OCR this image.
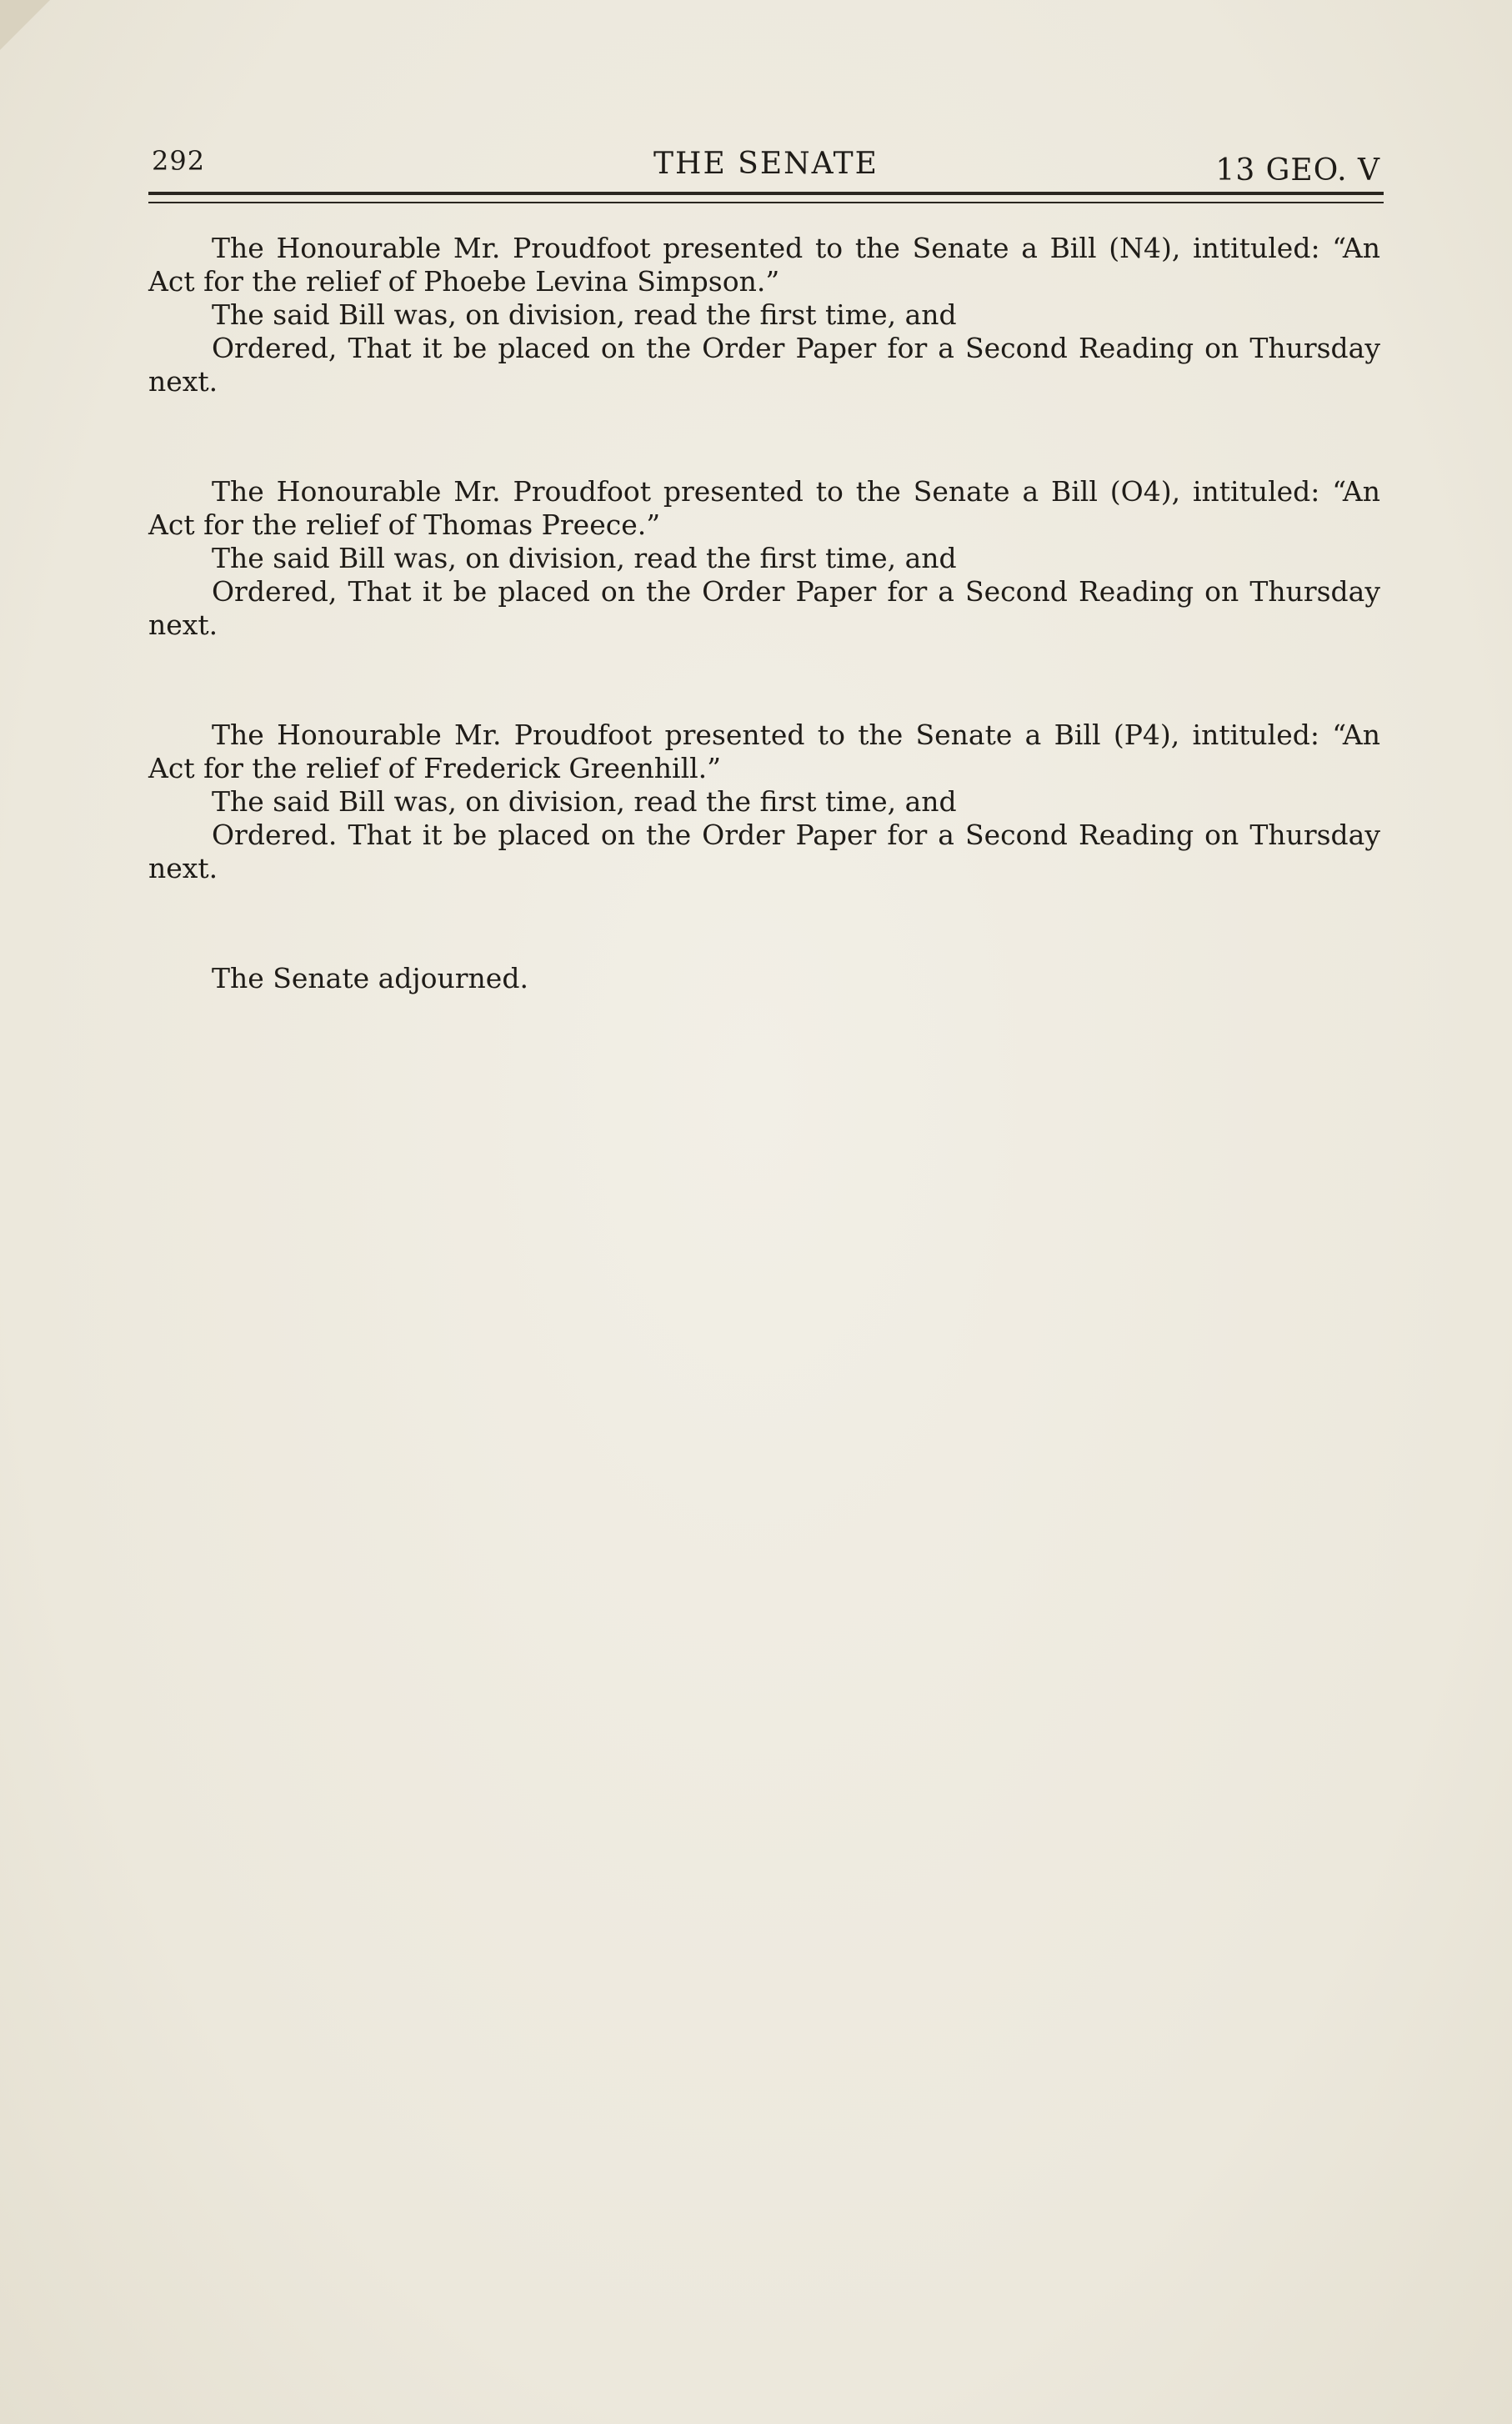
292	THE SENATE	13 GEO. V

The Honourable Mr. Proudfoot presented to the Senate a Bill (N4), intituled: “An Act for the relief of Phoebe Levina Simpson.”

The said Bill was, on division, read the first time, and

Ordered, That it be placed on the Order Paper for a Second Reading on Thursday next.

The Honourable Mr. Proudfoot presented to the Senate a Bill (O4), intituled: “An Act for the relief of Thomas Preece.”

The said Bill was, on division, read the first time, and

Ordered, That it be placed on the Order Paper for a Second Reading on Thursday next.

The Honourable Mr. Proudfoot presented to the Senate a Bill (P4), intituled: “An Act for the relief of Frederick Greenhill.”

The said Bill was, on division, read the first time, and

Ordered. That it be placed on the Order Paper for a Second Reading on Thursday next.

The Senate adjourned.
